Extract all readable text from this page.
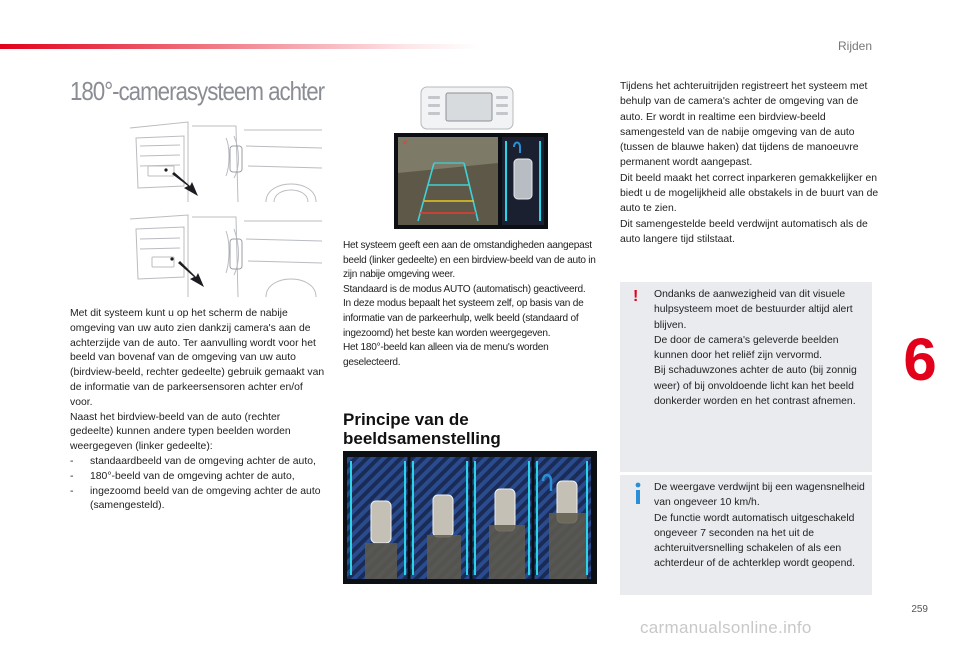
Rijden
6
259
180°-camerasysteem achter

Met dit systeem kunt u op het scherm de nabije omgeving van uw auto zien dankzij camera's aan de achterzijde van de auto. Ter aanvulling wordt voor het beeld van bovenaf van de omgeving van uw auto (birdview-beeld, rechter gedeelte) gebruik gemaakt van de informatie van de parkeersensoren achter en/of voor.

Naast het birdview-beeld van de auto (rechter gedeelte) kunnen andere typen beelden worden weergegeven (linker gedeelte):

- standaardbeeld van de omgeving achter de auto,
- 180°-beeld van de omgeving achter de auto,
- ingezoomd beeld van de omgeving achter de auto (samengesteld).
✕

Het systeem geeft een aan de omstandigheden aangepast beeld (linker gedeelte) en een birdview-beeld van de auto in zijn nabije omgeving weer.

Standaard is de modus AUTO (automatisch) geactiveerd.

In deze modus bepaalt het systeem zelf, op basis van de informatie van de parkeerhulp, welk beeld (standaard of ingezoomd) het beste kan worden weergegeven.

Het 180°-beeld kan alleen via de menu's worden geselecteerd.

Principe van de beeldsamenstelling

Tijdens het achteruitrijden registreert het systeem met behulp van de camera's achter de omgeving van de auto. Er wordt in realtime een birdview-beeld samengesteld van de nabije omgeving van de auto (tussen de blauwe haken) dat tijdens de manoeuvre permanent wordt aangepast.

Dit beeld maakt het correct inparkeren gemakkelijker en biedt u de mogelijkheid alle obstakels in de buurt van de auto te zien.

Dit samengestelde beeld verdwijnt automatisch als de auto langere tijd stilstaat.

! Ondanks de aanwezigheid van dit visuele hulpsysteem moet de bestuurder altijd alert blijven.

De door de camera's geleverde beelden kunnen door het reliëf zijn vervormd.

Bij schaduwzones achter de auto (bij zonnig weer) of bij onvoldoende licht kan het beeld donkerder worden en het contrast afnemen.

De weergave verdwijnt bij een wagensnelheid van ongeveer 10 km/h.

De functie wordt automatisch uitgeschakeld ongeveer 7 seconden na het uit de achteruitversnelling schakelen of als een achterdeur of de achterklep wordt geopend.

carmanualsonline.info
